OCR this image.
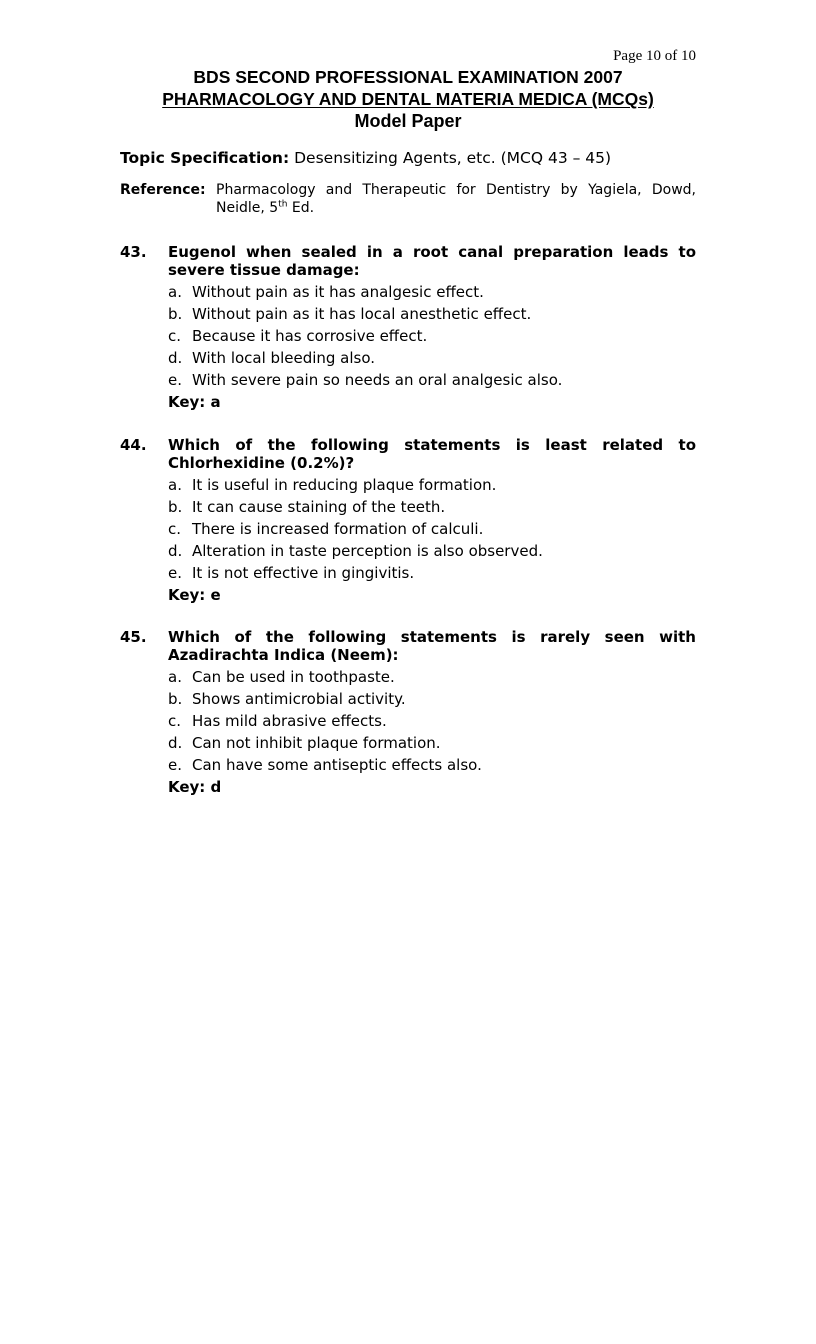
Page 10 of 10
BDS SECOND PROFESSIONAL EXAMINATION 2007
PHARMACOLOGY AND DENTAL MATERIA MEDICA (MCQs)
Model Paper
Topic Specification: Desensitizing Agents, etc. (MCQ 43 – 45)
Reference: Pharmacology and Therapeutic for Dentistry by Yagiela, Dowd, Neidle, 5th Ed.
43. Eugenol when sealed in a root canal preparation leads to
severe tissue damage:
a. Without pain as it has analgesic effect.
b. Without pain as it has local anesthetic effect.
c. Because it has corrosive effect.
d. With local bleeding also.
e. With severe pain so needs an oral analgesic also.
Key: a
44. Which of the following statements is least related to
Chlorhexidine (0.2%)?
a. It is useful in reducing plaque formation.
b. It can cause staining of the teeth.
c. There is increased formation of calculi.
d. Alteration in taste perception is also observed.
e. It is not effective in gingivitis.
Key: e
45. Which of the following statements is rarely seen with
Azadirachta Indica (Neem):
a. Can be used in toothpaste.
b. Shows antimicrobial activity.
c. Has mild abrasive effects.
d. Can not inhibit plaque formation.
e. Can have some antiseptic effects also.
Key: d
